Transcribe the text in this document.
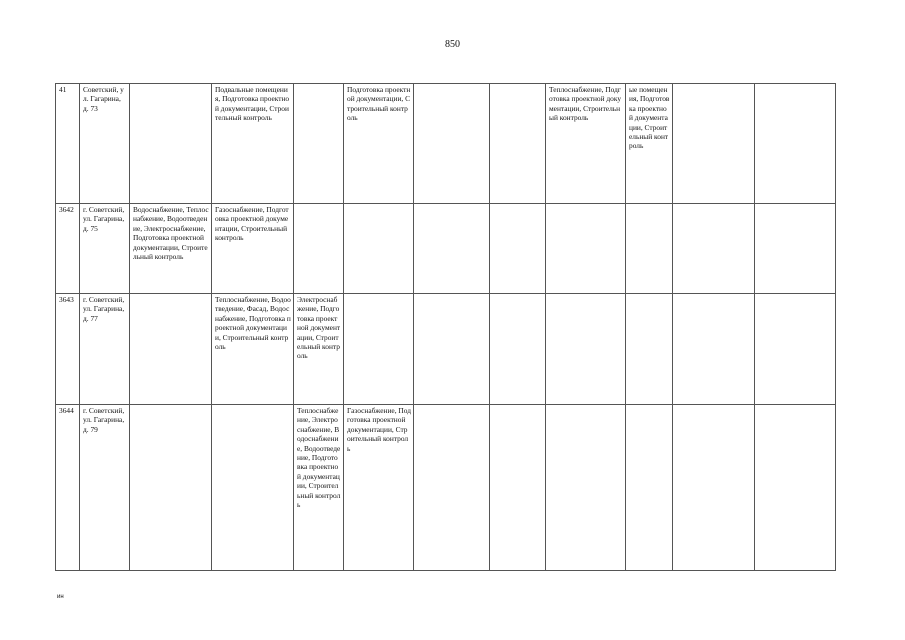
850
41	Советский, ул. Гагарина, д. 73		Подвальные помещения, Подготовка проектной документации, Строительный контроль		Подготовка проектной документации, Строительный контроль			Теплоснабжение, Подготовка проектной документации, Строительный контроль	ые помещения, Подготовка проектной документации, Строительный контроль		
3642	г. Советский, ул. Гагарина, д. 75	Водоснабжение, Теплоснабжение, Водоотведение, Электроснабжение, Подготовка проектной документации, Строительный контроль	Газоснабжение, Подготовка проектной документации, Строительный контроль								
3643	г. Советский, ул. Гагарина, д. 77		Теплоснабжение, Водоотведение, Фасад, Водоснабжение, Подготовка проектной документации, Строительный контроль	Электроснабжение, Подготовка проектной документации, Строительный контроль							
3644	г. Советский, ул. Гагарина, д. 79			Теплоснабжение, Электроснабжение, Водоснабжение, Водоотведение, Подготовка проектной документации, Строительный контроль	Газоснабжение, Подготовка проектной документации, Строительный контроль						
ин
